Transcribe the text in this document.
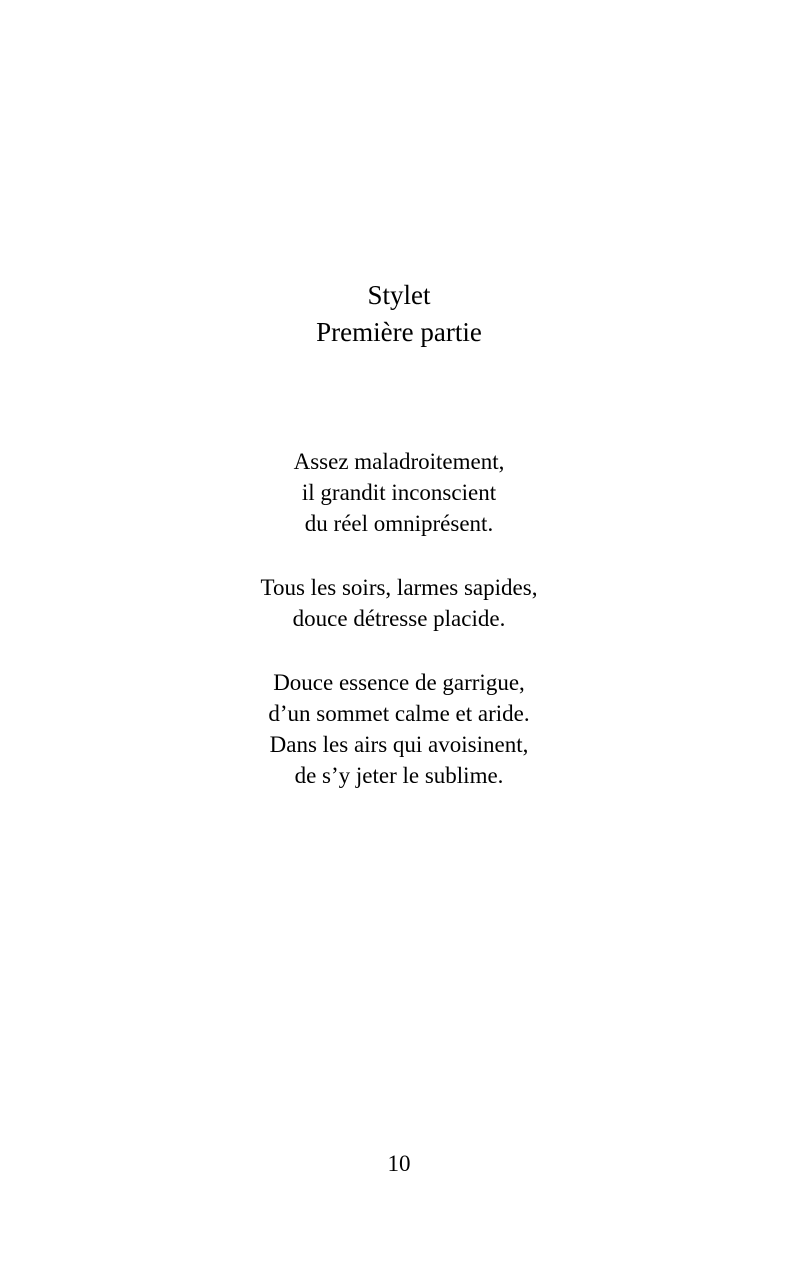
Stylet
Première partie
Assez maladroitement,
il grandit inconscient
du réel omniprésent.
Tous les soirs, larmes sapides,
douce détresse placide.
Douce essence de garrigue,
d’un sommet calme et aride.
Dans les airs qui avoisinent,
de s’y jeter le sublime.
10
